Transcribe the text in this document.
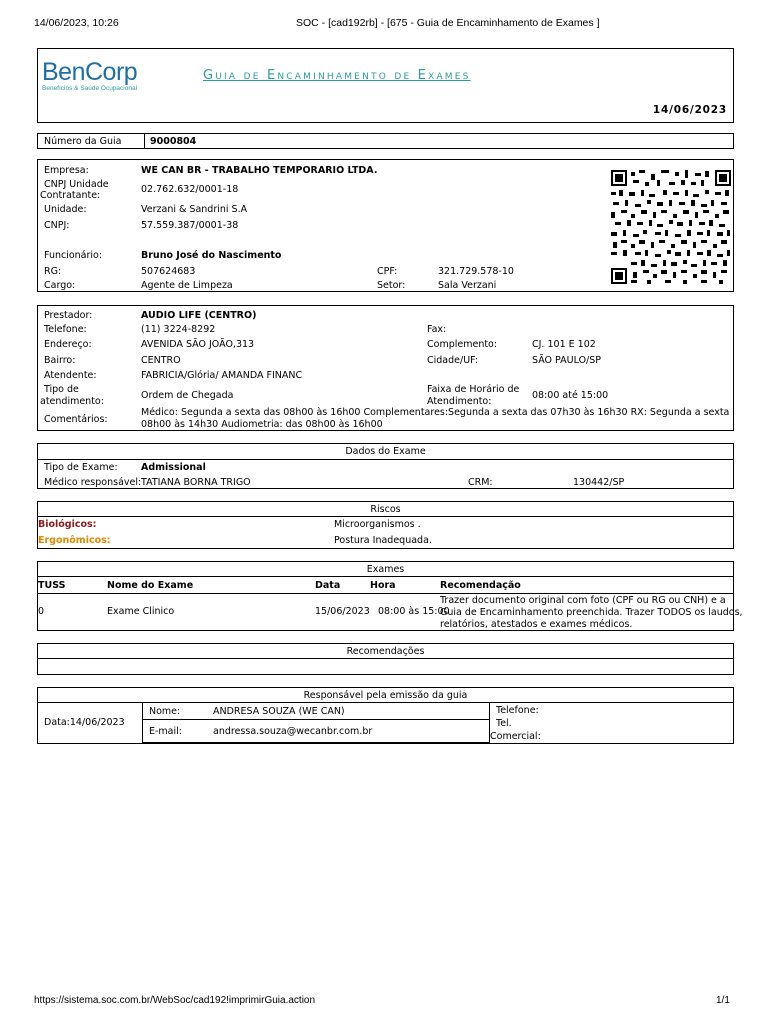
14/06/2023, 10:26	SOC - [cad192rb] - [675 - Guia de Encaminhamento de Exames ]
https://sistema.soc.com.br/WebSoc/cad192!imprimirGuia.action	1/1
BenCorp
Benefícios & Saúde Ocupacional
Guia de Encaminhamento de Exames
14/06/2023
Número da Guia	9000804
Empresa:	WE CAN BR - TRABALHO TEMPORARIO LTDA.
CNPJ Unidade
Contratante:
02.762.632/0001-18
Unidade:	Verzani & Sandrini S.A
CNPJ:	57.559.387/0001-38
Funcionário:	Bruno José do Nascimento
RG:	507624683	CPF:	321.729.578-10
Cargo:	Agente de Limpeza	Setor:	Sala Verzani
Prestador:	AUDIO LIFE (CENTRO)
Telefone:	(11) 3224-8292	Fax:
Endereço:	AVENIDA SÃO JOÃO,313	Complemento:	CJ. 101 E 102
Bairro:	CENTRO	Cidade/UF:	SÃO PAULO/SP
Atendente:	FABRICIA/Glória/ AMANDA FINANC
Tipo de
atendimento:
Ordem de Chegada
Faixa de Horário de
Atendimento:
08:00 até 15:00
Comentários:
Médico: Segunda a sexta das 08h00 às 16h00 Complementares:Segunda a sexta das 07h30 às 16h30 RX: Segunda a sexta
08h00 às 14h30 Audiometria: das 08h00 às 16h00
Dados do Exame
Tipo de Exame: Admissional
Médico responsável: TATIANA BORNA TRIGO	CRM:	130442/SP
Riscos
Biológicos:	Microorganismos .
Ergonômicos:	Postura Inadequada.
Exames
TUSS	Nome do Exame	Data	Hora	Recomendação
0	Exame Clinico	15/06/2023 08:00 às 15:00
Trazer documento original com foto (CPF ou RG ou CNH) e a
Guia de Encaminhamento preenchida. Trazer TODOS os laudos,
relatórios, atestados e exames médicos.
Recomendações
Responsável pela emissão da guia
Data:14/06/2023
Nome:	ANDRESA SOUZA (WE CAN)
E-mail:	andressa.souza@wecanbr.com.br
Telefone:
Tel.
Comercial:
